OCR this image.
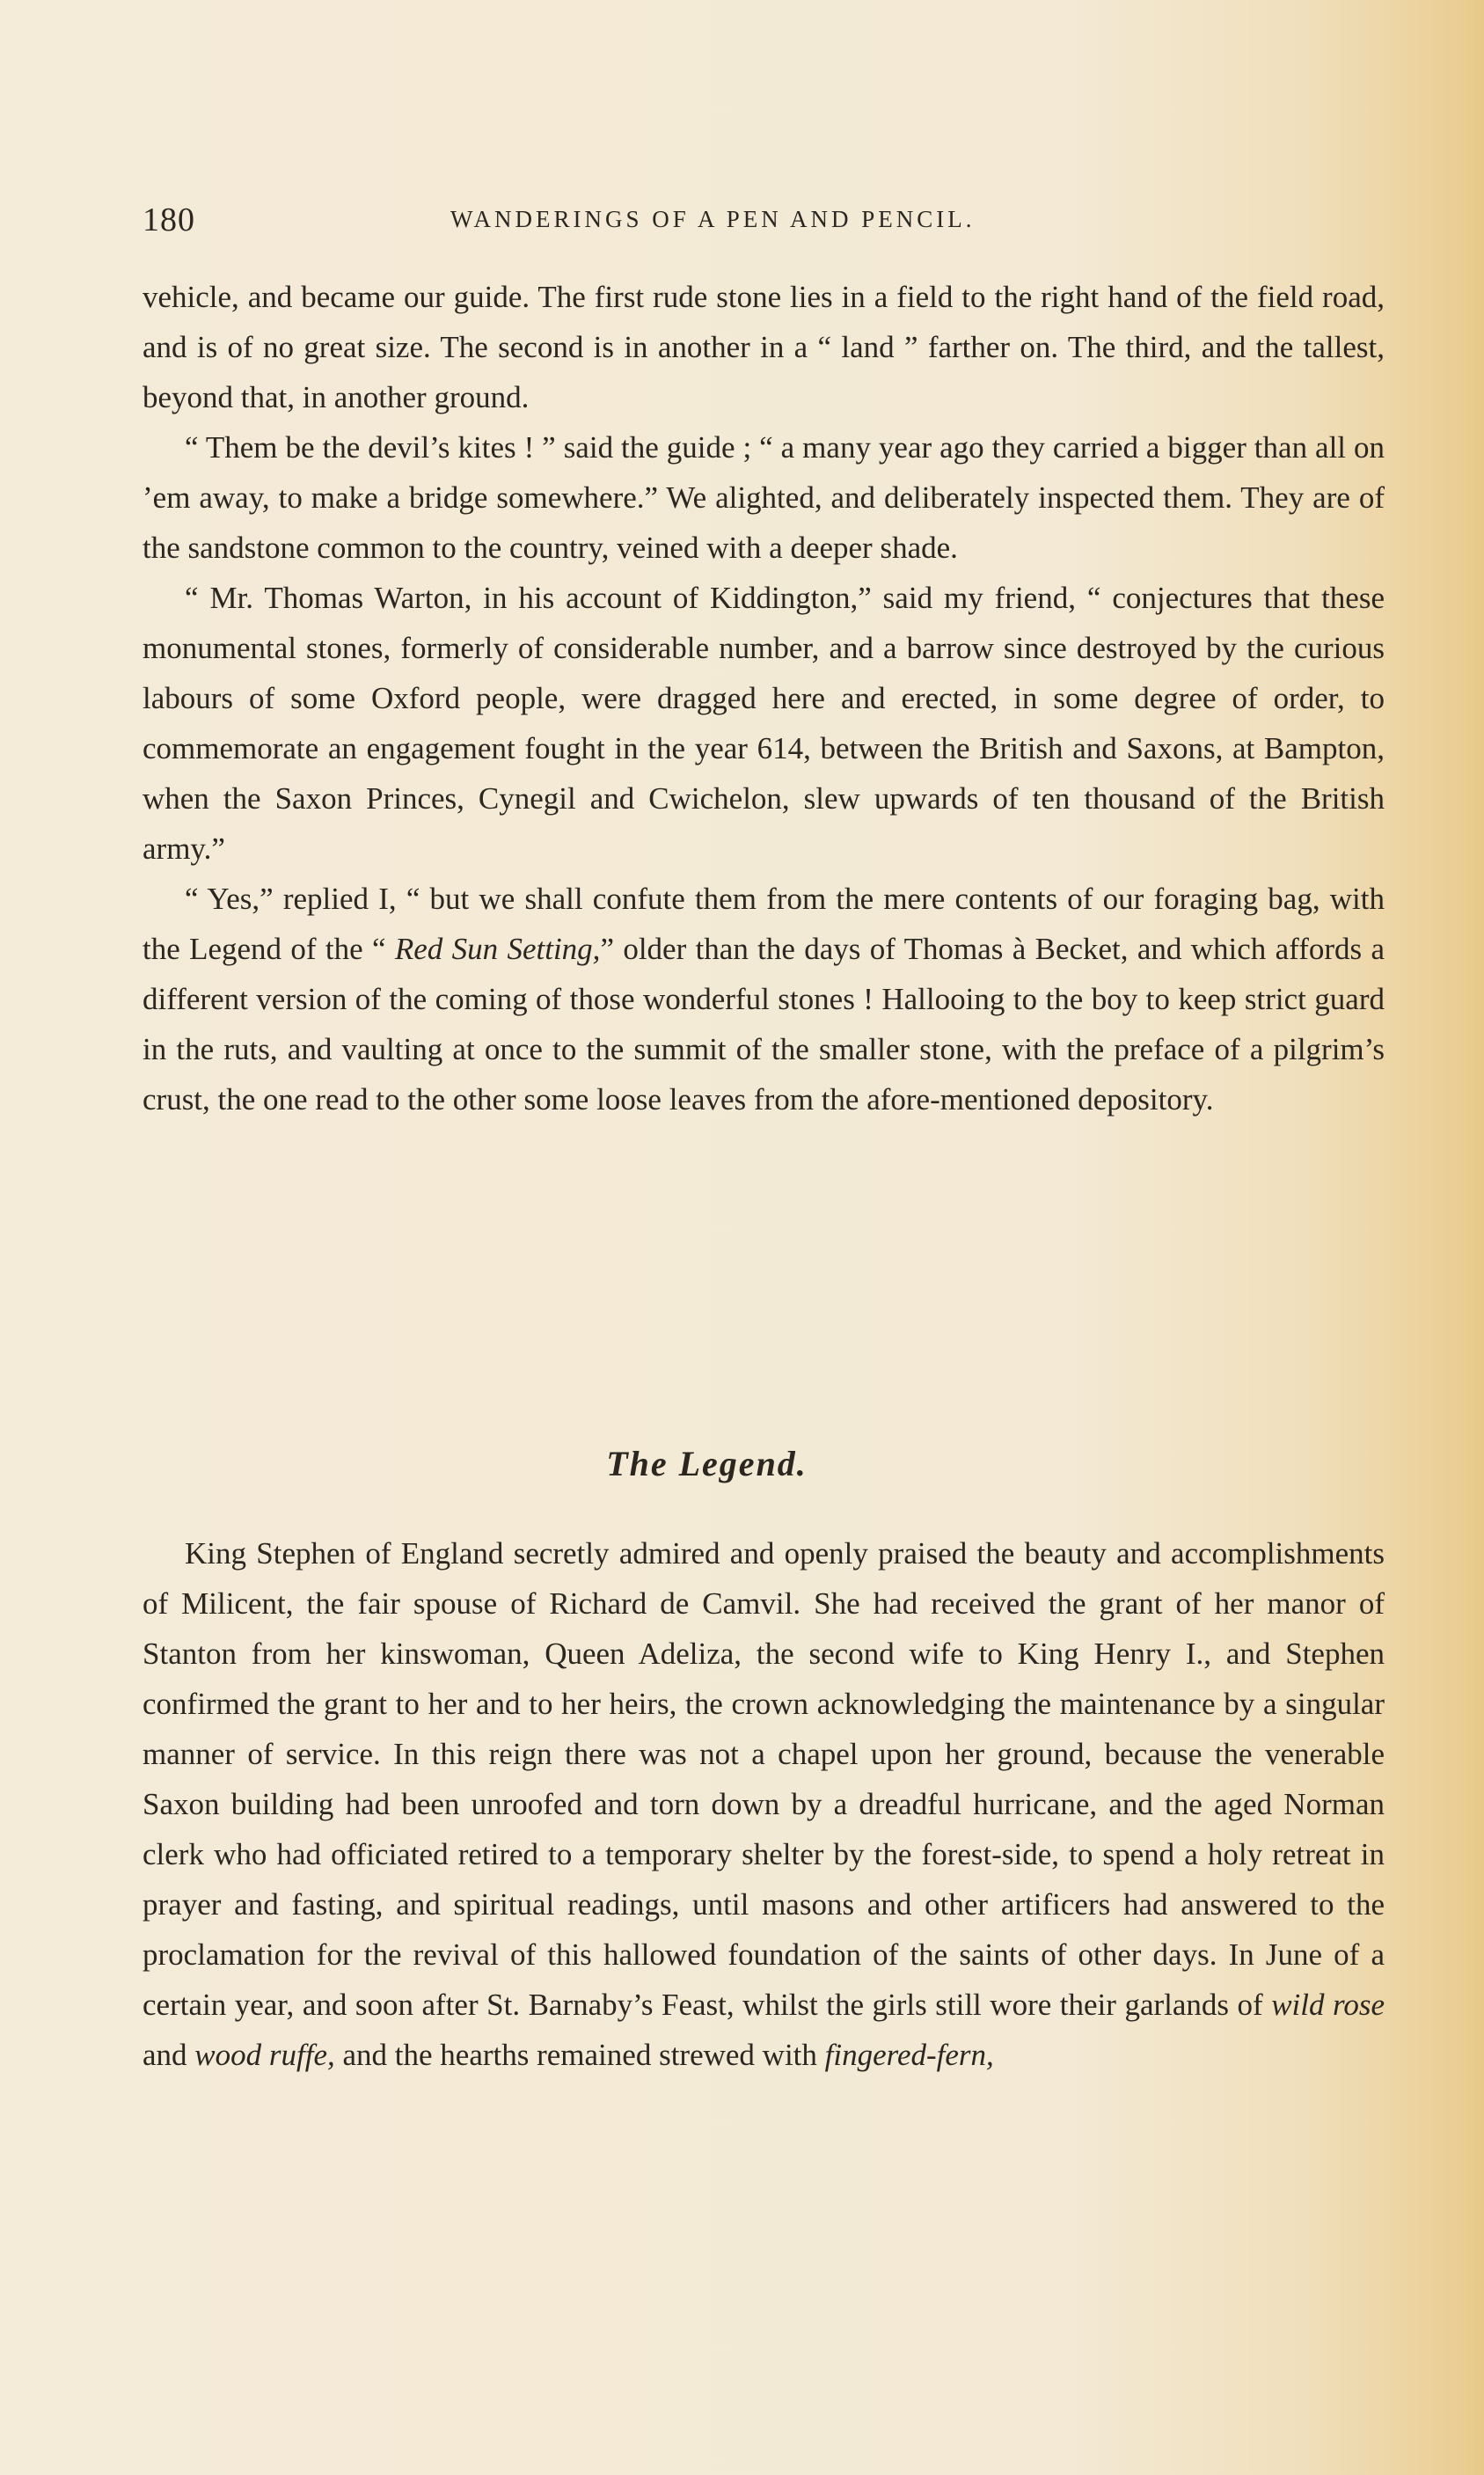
180	WANDERINGS OF A PEN AND PENCIL.

vehicle, and became our guide. The first rude stone lies in a field to the right hand of the field road, and is of no great size. The second is in another in a “ land ” farther on. The third, and the tallest, beyond that, in another ground.

“ Them be the devil’s kites ! ” said the guide ; “ a many year ago they carried a bigger than all on ’em away, to make a bridge somewhere.” We alighted, and deliberately inspected them. They are of the sandstone common to the country, veined with a deeper shade.

“ Mr. Thomas Warton, in his account of Kiddington,” said my friend, “ conjectures that these monumental stones, formerly of considerable number, and a barrow since destroyed by the curious labours of some Oxford people, were dragged here and erected, in some degree of order, to commemorate an engagement fought in the year 614, between the British and Saxons, at Bampton, when the Saxon Princes, Cynegil and Cwichelon, slew upwards of ten thousand of the British army.”

“ Yes,” replied I, “ but we shall confute them from the mere contents of our foraging bag, with the Legend of the “ Red Sun Setting,” older than the days of Thomas à Becket, and which affords a different version of the coming of those wonderful stones ! Hallooing to the boy to keep strict guard in the ruts, and vaulting at once to the summit of the smaller stone, with the preface of a pilgrim’s crust, the one read to the other some loose leaves from the afore-mentioned depository.

The Legend.

King Stephen of England secretly admired and openly praised the beauty and accomplishments of Milicent, the fair spouse of Richard de Camvil. She had received the grant of her manor of Stanton from her kinswoman, Queen Adeliza, the second wife to King Henry I., and Stephen confirmed the grant to her and to her heirs, the crown acknowledging the maintenance by a singular manner of service. In this reign there was not a chapel upon her ground, because the venerable Saxon building had been unroofed and torn down by a dreadful hurricane, and the aged Norman clerk who had officiated retired to a temporary shelter by the forest-side, to spend a holy retreat in prayer and fasting, and spiritual readings, until masons and other artificers had answered to the proclamation for the revival of this hallowed foundation of the saints of other days. In June of a certain year, and soon after St. Barnaby’s Feast, whilst the girls still wore their garlands of wild rose and wood ruffe, and the hearths remained strewed with fingered-fern,
